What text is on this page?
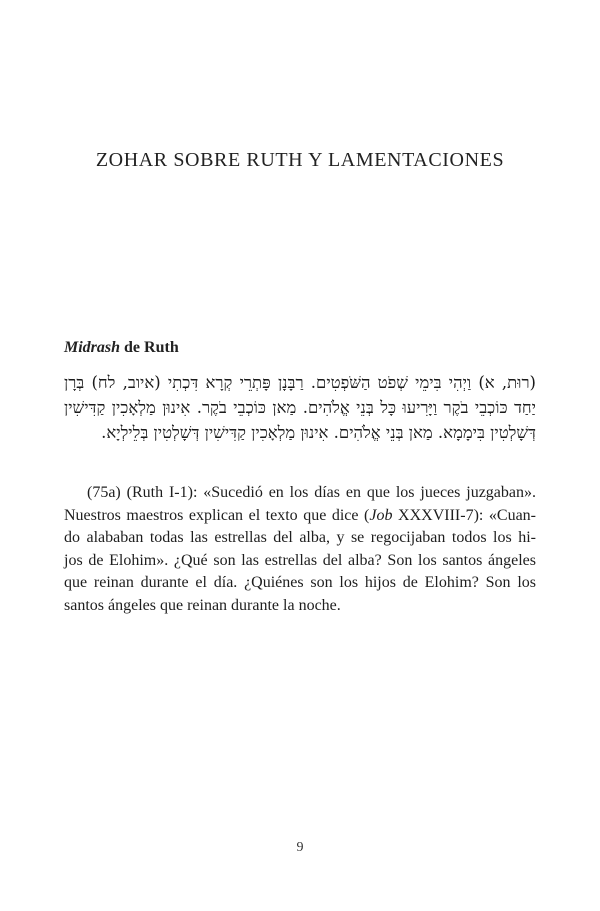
ZOHAR SOBRE RUTH Y LAMENTACIONES
Midrash de Ruth

(רוּת, א) וַיְהִי בִּימֵי שְׁפֹט הַשֹּׁפְטִים. רַבָּנָן פָּתְרֵי קְרָא דִּכְתִי (איוב, לח) בְּרָן יַחַד כּוֹכְבֵי בֹקֶר וַיָּרִיעוּ כָּל בְּנֵי אֱלֹהִים. מַאן כּוֹכְבֵי בֹקֶר. אִינוּן מַלְאָכִין קַדִּישִׁין דְּשָׁלְטִין בִּימָמָא. מַאן בְּנֵי אֱלֹהִים. אִינוּן מַלְאָכִין קַדִּישִׁין דְּשָׁלְטִין בְּלֵילְיָא.

(75a) (Ruth I-1): «Sucedió en los días en que los jueces juzgaban».
Nuestros maestros explican el texto que dice (Job XXXVIII-7): «Cuan-
do alababan todas las estrellas del alba, y se regocijaban todos los hi-
jos de Elohim». ¿Qué son las estrellas del alba? Son los santos ángeles
que reinan durante el día. ¿Quiénes son los hijos de Elohim? Son los
santos ángeles que reinan durante la noche.
9
